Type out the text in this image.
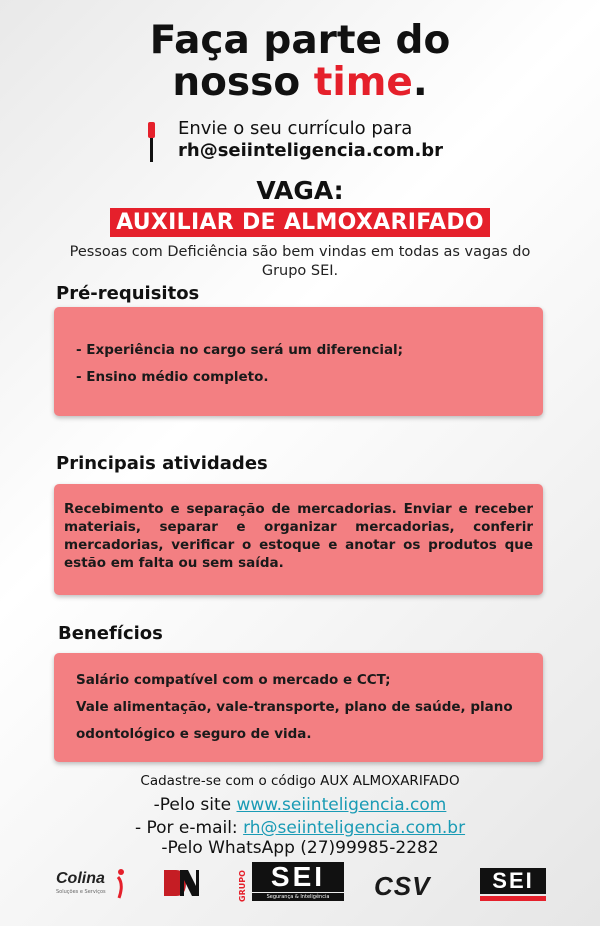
Faça parte do
nosso time.
Envie o seu currículo para
rh@seiinteligencia.com.br
VAGA:
AUXILIAR DE ALMOXARIFADO
Pessoas com Deficiência são bem vindas em todas as vagas do Grupo SEI.
Pré-requisitos

- Experiência no cargo será um diferencial;

- Ensino médio completo.

Principais atividades

Recebimento e separação de mercadorias. Enviar e receber materiais, separar e organizar mercadorias, conferir mercadorias, verificar o estoque e anotar os produtos que estão em falta ou sem saída.

Benefícios

Salário compatível com o mercado e CCT;

Vale alimentação, vale-transporte, plano de saúde, plano

odontológico e seguro de vida.

Cadastre-se com o código AUX ALMOXARIFADO
-Pelo site www.seiinteligencia.com
- Por e-mail: rh@seiinteligencia.com.br
-Pelo WhatsApp (27)99985-2282
Colina
Soluções e Serviços	GRUPO SEI
Segurança & Inteligência	CSV	SEI
